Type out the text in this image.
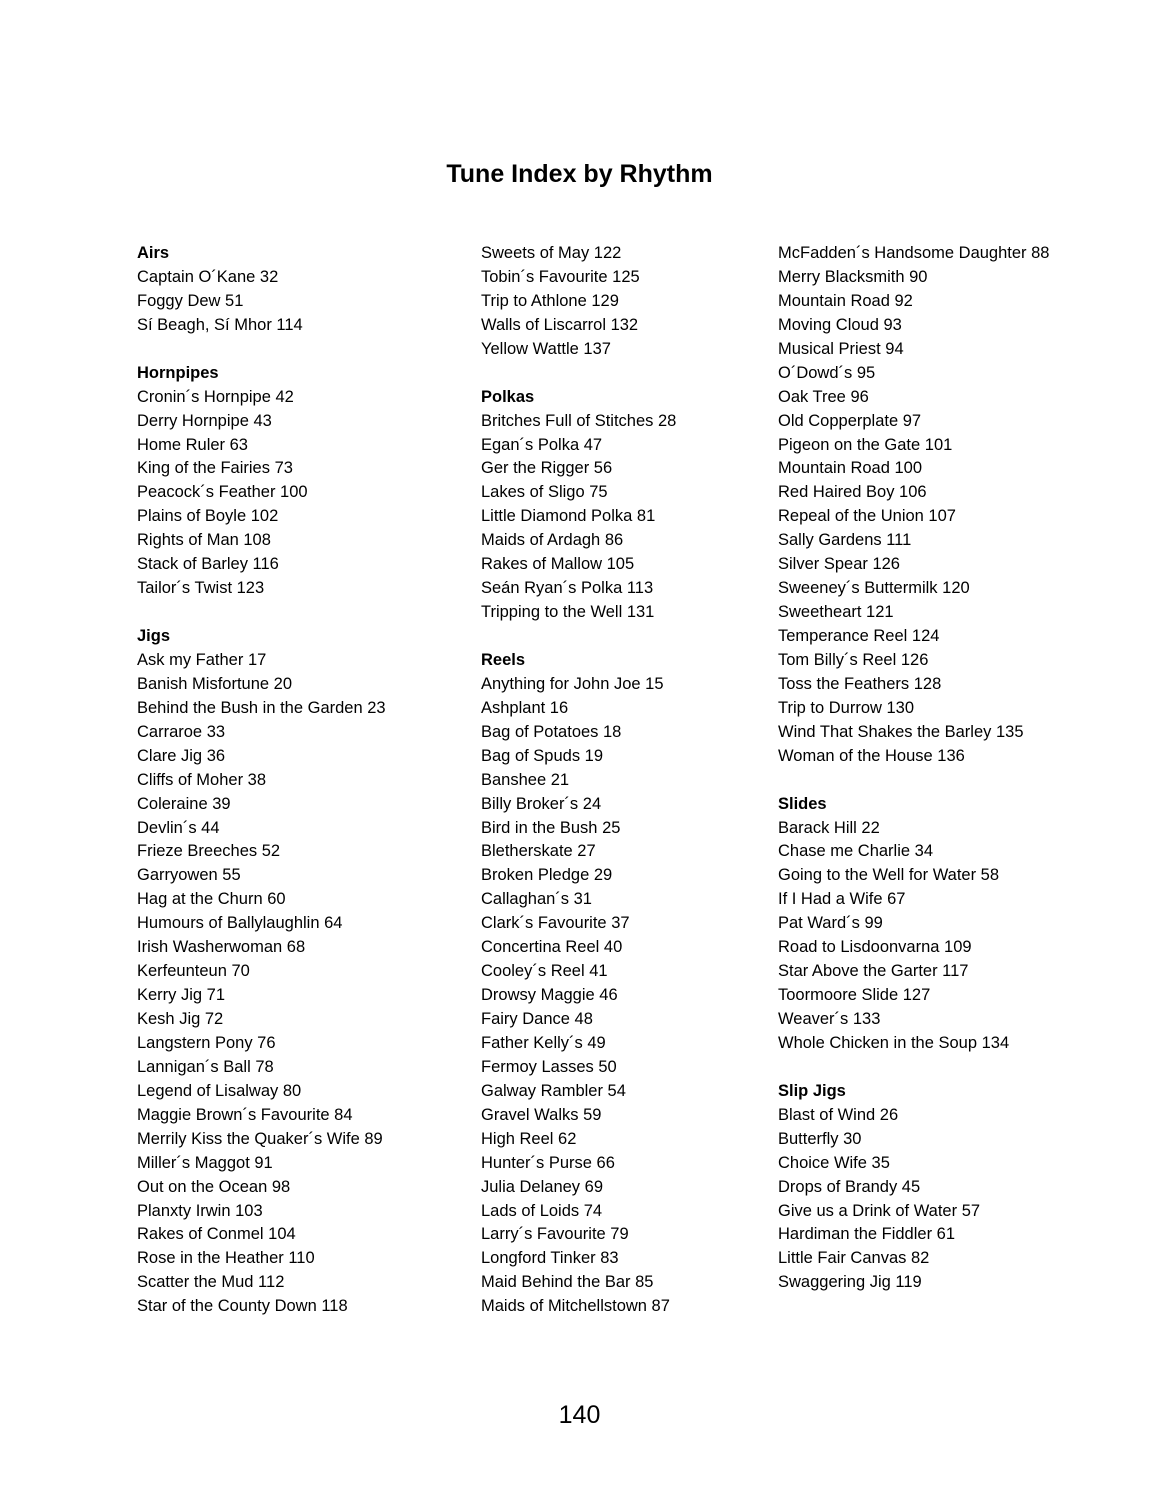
Tune Index by Rhythm
Airs
Captain O´Kane 32
Foggy Dew 51
Sí Beagh, Sí Mhor 114
Hornpipes
Cronin´s Hornpipe 42
Derry Hornpipe 43
Home Ruler 63
King of the Fairies 73
Peacock´s Feather 100
Plains of Boyle 102
Rights of Man 108
Stack of Barley 116
Tailor´s Twist 123
Jigs
Ask my Father 17
Banish Misfortune 20
Behind the Bush in the Garden 23
Carraroe 33
Clare Jig 36
Cliffs of Moher 38
Coleraine 39
Devlin´s 44
Frieze Breeches 52
Garryowen 55
Hag at the Churn 60
Humours of Ballylaughlin 64
Irish Washerwoman 68
Kerfeunteun 70
Kerry Jig 71
Kesh Jig 72
Langstern Pony 76
Lannigan´s Ball 78
Legend of Lisalway 80
Maggie Brown´s Favourite 84
Merrily Kiss the Quaker´s Wife 89
Miller´s Maggot 91
Out on the Ocean 98
Planxty Irwin 103
Rakes of Conmel 104
Rose in the Heather 110
Scatter the Mud 112
Star of the County Down 118
Sweets of May 122
Tobin´s Favourite 125
Trip to Athlone 129
Walls of Liscarrol 132
Yellow Wattle 137
Polkas
Britches Full of Stitches 28
Egan´s Polka 47
Ger the Rigger 56
Lakes of Sligo 75
Little Diamond Polka 81
Maids of Ardagh 86
Rakes of Mallow 105
Seán Ryan´s Polka 113
Tripping to the Well 131
Reels
Anything for John Joe 15
Ashplant 16
Bag of Potatoes 18
Bag of Spuds 19
Banshee 21
Billy Broker´s 24
Bird in the Bush 25
Bletherskate 27
Broken Pledge 29
Callaghan´s 31
Clark´s Favourite 37
Concertina Reel 40
Cooley´s Reel 41
Drowsy Maggie 46
Fairy Dance 48
Father Kelly´s 49
Fermoy Lasses 50
Galway Rambler 54
Gravel Walks 59
High Reel 62
Hunter´s Purse 66
Julia Delaney 69
Lads of Loids 74
Larry´s Favourite 79
Longford Tinker 83
Maid Behind the Bar 85
Maids of Mitchellstown 87
McFadden´s Handsome Daughter 88
Merry Blacksmith 90
Mountain Road 92
Moving Cloud 93
Musical Priest 94
O´Dowd´s 95
Oak Tree 96
Old Copperplate 97
Pigeon on the Gate 101
Mountain Road 100
Red Haired Boy 106
Repeal of the Union 107
Sally Gardens 111
Silver Spear 126
Sweeney´s Buttermilk 120
Sweetheart 121
Temperance Reel 124
Tom Billy´s Reel 126
Toss the Feathers 128
Trip to Durrow 130
Wind That Shakes the Barley 135
Woman of the House 136
Slides
Barack Hill 22
Chase me Charlie 34
Going to the Well for Water 58
If I Had a Wife 67
Pat Ward´s 99
Road to Lisdoonvarna 109
Star Above the Garter 117
Toormoore Slide 127
Weaver´s 133
Whole Chicken in the Soup 134
Slip Jigs
Blast of Wind 26
Butterfly 30
Choice Wife 35
Drops of Brandy 45
Give us a Drink of Water 57
Hardiman the Fiddler 61
Little Fair Canvas 82
Swaggering Jig 119
140
